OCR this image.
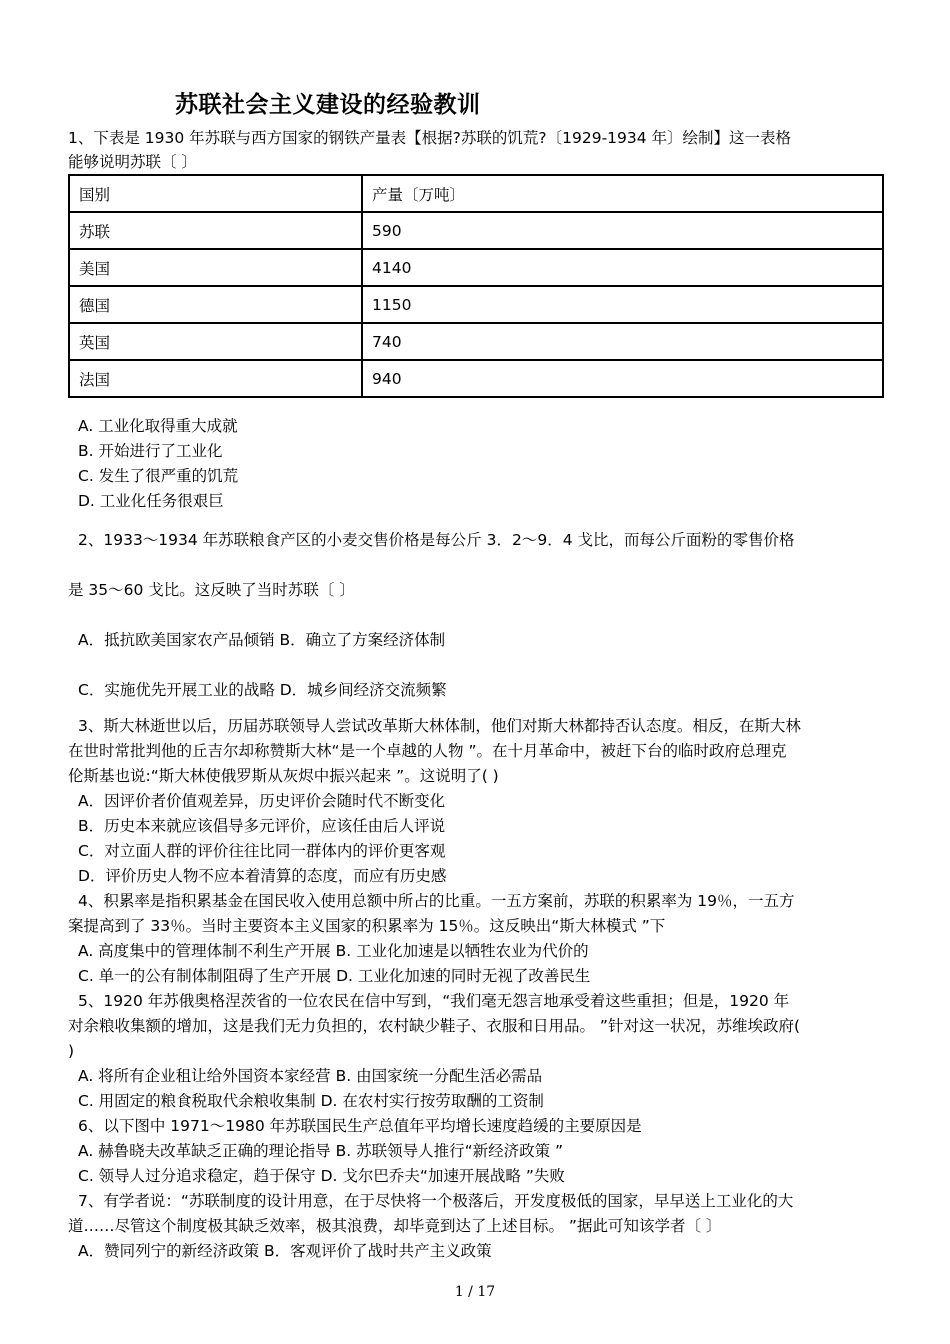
苏联社会主义建设的经验教训
1、下表是 1930 年苏联与西方国家的钢铁产量表【根据?苏联的饥荒?〔1929-1934 年〕绘制】这一表格
能够说明苏联〔 〕
国别	产量〔万吨〕
苏联	590
美国	4140
德国	1150
英国	740
法国	940
A. 工业化取得重大成就
B. 开始进行了工业化
C. 发生了很严重的饥荒
D. 工业化任务很艰巨
2、1933～1934 年苏联粮食产区的小麦交售价格是每公斤 3．2～9．4 戈比，而每公斤面粉的零售价格
是 35～60 戈比。这反映了当时苏联〔 〕
A．抵抗欧美国家农产品倾销 B．确立了方案经济体制
C．实施优先开展工业的战略 D．城乡间经济交流频繁
3、斯大林逝世以后，历届苏联领导人尝试改革斯大林体制，他们对斯大林都持否认态度。相反，在斯大林
在世时常批判他的丘吉尔却称赞斯大林“是一个卓越的人物 ”。在十月革命中，被赶下台的临时政府总理克
伦斯基也说:“斯大林使俄罗斯从灰烬中振兴起来 ”。这说明了( )
A．因评价者价值观差异，历史评价会随时代不断变化
B．历史本来就应该倡导多元评价，应该任由后人评说
C．对立面人群的评价往往比同一群体内的评价更客观
D．评价历史人物不应本着清算的态度，而应有历史感
4、积累率是指积累基金在国民收入使用总额中所占的比重。一五方案前，苏联的积累率为 19％，一五方
案提高到了 33％。当时主要资本主义国家的积累率为 15％。这反映出“斯大林模式 ”下
A. 高度集中的管理体制不利生产开展 B. 工业化加速是以牺牲农业为代价的
C. 单一的公有制体制阻碍了生产开展 D. 工业化加速的同时无视了改善民生
5、1920 年苏俄奥格涅茨省的一位农民在信中写到，“我们毫无怨言地承受着这些重担；但是，1920 年
对余粮收集额的增加，这是我们无力负担的，农村缺少鞋子、衣服和日用品。 ”针对这一状况，苏维埃政府(
)
A. 将所有企业租让给外国资本家经营 B. 由国家统一分配生活必需品
C. 用固定的粮食税取代余粮收集制 D. 在农村实行按劳取酬的工资制
6、以下图中 1971～1980 年苏联国民生产总值年平均增长速度趋缓的主要原因是
A. 赫鲁晓夫改革缺乏正确的理论指导 B. 苏联领导人推行“新经济政策 ”
C. 领导人过分追求稳定，趋于保守 D. 戈尔巴乔夫“加速开展战略 ”失败
7、有学者说：“苏联制度的设计用意，在于尽快将一个极落后，开发度极低的国家，早早送上工业化的大
道……尽管这个制度极其缺乏效率，极其浪费，却毕竟到达了上述目标。 ”据此可知该学者〔 〕
A．赞同列宁的新经济政策 B．客观评价了战时共产主义政策
1 / 17
